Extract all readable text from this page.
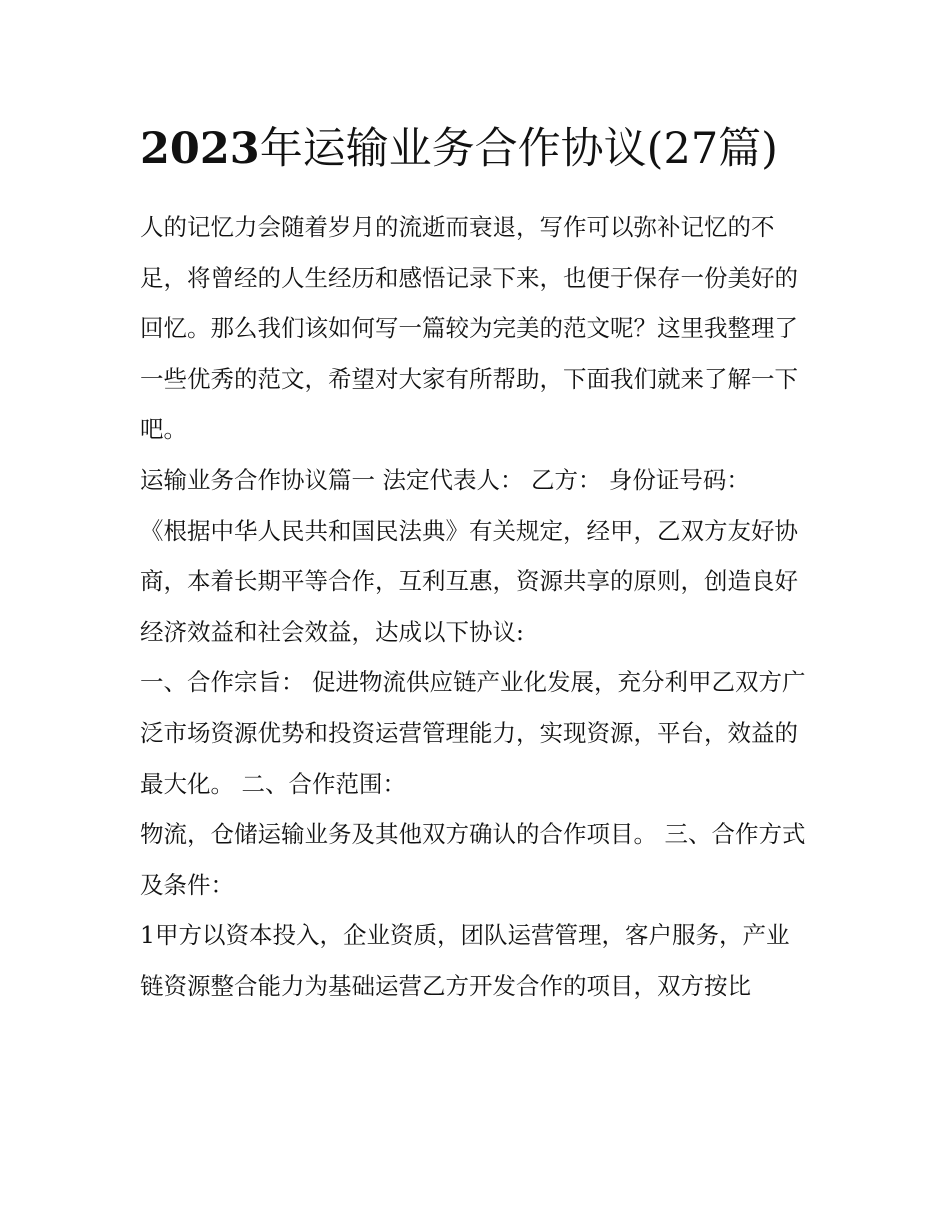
2023年运输业务合作协议(27篇)

人的记忆力会随着岁月的流逝而衰退，写作可以弥补记忆的不足，将曾经的人生经历和感悟记录下来，也便于保存一份美好的回忆。那么我们该如何写一篇较为完美的范文呢？这里我整理了一些优秀的范文，希望对大家有所帮助，下面我们就来了解一下吧。

运输业务合作协议篇一 法定代表人： 乙方： 身份证号码：

《根据中华人民共和国民法典》有关规定，经甲，乙双方友好协商，本着长期平等合作，互利互惠，资源共享的原则，创造良好经济效益和社会效益，达成以下协议:

一、合作宗旨： 促进物流供应链产业化发展，充分利甲乙双方广泛市场资源优势和投资运营管理能力，实现资源，平台，效益的最大化。 二、合作范围：

物流，仓储运输业务及其他双方确认的合作项目。 三、合作方式及条件：

1甲方以资本投入，企业资质，团队运营管理，客户服务，产业链资源整合能力为基础运营乙方开发合作的项目，双方按比
